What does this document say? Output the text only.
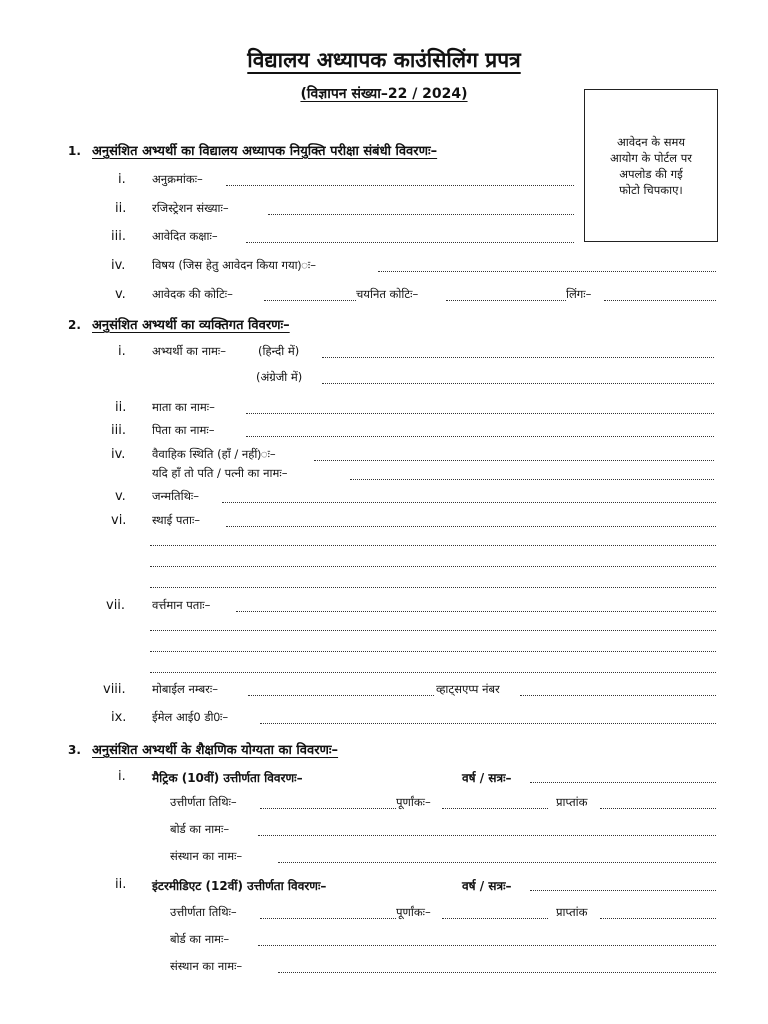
विद्यालय अध्यापक काउंसिलिंग प्रपत्र
(विज्ञापन संख्या–22 / 2024)
आवेदन के समय
आयोग के पोर्टल पर
अपलोड की गई
फोटो चिपकाए।
1. अनुसंशित अभ्यर्थी का विद्यालय अध्यापक नियुक्ति परीक्षा संबंधी विवरणः–
i. अनुक्रमांकः–
ii. रजिस्ट्रेशन संख्याः–
iii. आवेदित कक्षाः–
iv. विषय (जिस हेतु आवेदन किया गया)ः–
v. आवेदक की कोटिः–	चयनित कोटिः–	लिंगः–
2. अनुसंशित अभ्यर्थी का व्यक्तिगत विवरणः–
i. अभ्यर्थी का नामः–	(हिन्दी में)
(अंग्रेजी में)
ii. माता का नामः–
iii. पिता का नामः–
iv. वैवाहिक स्थिति (हाँ / नहीं)ः–
यदि हाँ तो पति / पत्नी का नामः–
v. जन्मतिथिः–
vi. स्थाई पताः–
vii. वर्त्तमान पताः–
viii. मोबाईल नम्बरः–	व्हाट्सएप्प नंबर
ix. ईमेल आई0 डी0ः–
3. अनुसंशित अभ्यर्थी के शैक्षणिक योग्यता का विवरणः–
i. मैट्रिक (10वीं) उत्तीर्णता विवरणः–	वर्ष / सत्रः–
उत्तीर्णता तिथिः–	पूर्णांकः–	प्राप्तांक
बोर्ड का नामः–
संस्थान का नामः–
ii. इंटरमीडिएट (12वीं) उत्तीर्णता विवरणः–	वर्ष / सत्रः–
उत्तीर्णता तिथिः–	पूर्णांकः–	प्राप्तांक
बोर्ड का नामः–
संस्थान का नामः–
